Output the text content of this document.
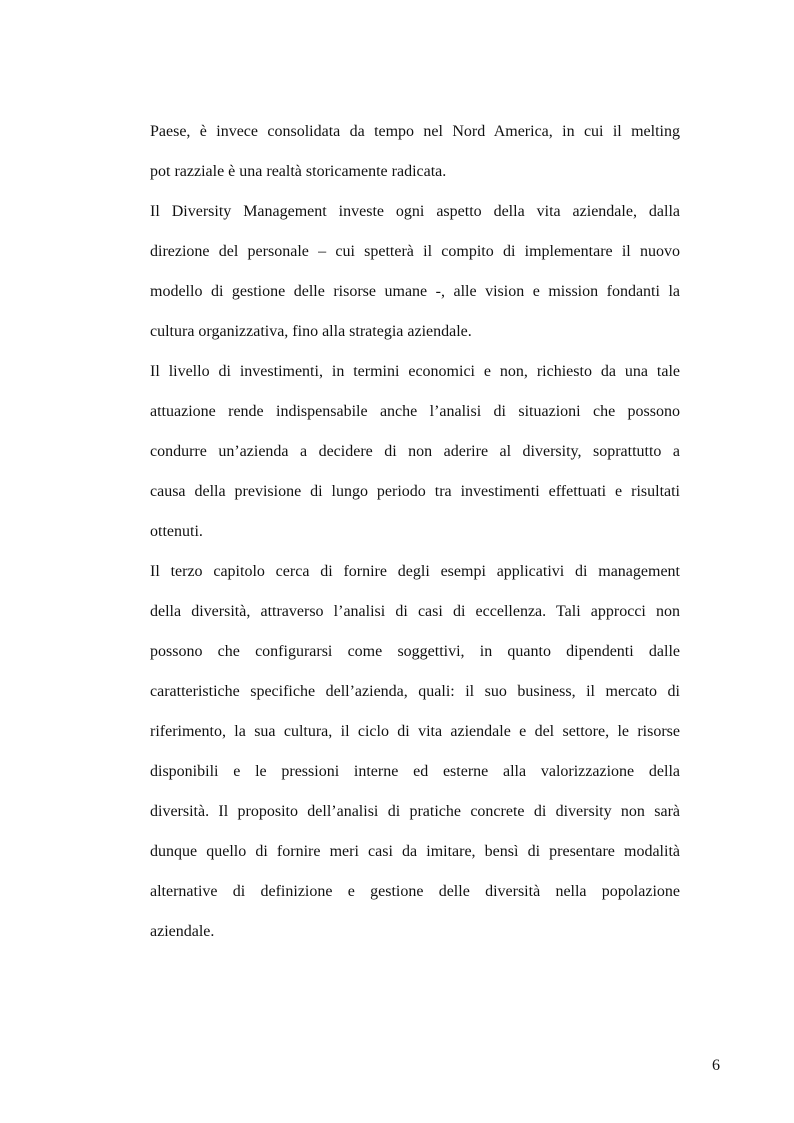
Paese, è invece consolidata da tempo nel Nord America, in cui il melting
pot razziale è una realtà storicamente radicata.
Il Diversity Management investe ogni aspetto della vita aziendale, dalla
direzione del personale – cui spetterà il compito di implementare il nuovo
modello di gestione delle risorse umane -, alle vision e mission fondanti la
cultura organizzativa, fino alla strategia aziendale.
Il livello di investimenti, in termini economici e non, richiesto da una tale
attuazione rende indispensabile anche l’analisi di situazioni che possono
condurre un’azienda a decidere di non aderire al diversity, soprattutto a
causa della previsione di lungo periodo tra investimenti effettuati e risultati
ottenuti.
Il terzo capitolo cerca di fornire degli esempi applicativi di management
della diversità, attraverso l’analisi di casi di eccellenza. Tali approcci non
possono che configurarsi come soggettivi, in quanto dipendenti dalle
caratteristiche specifiche dell’azienda, quali: il suo business, il mercato di
riferimento, la sua cultura, il ciclo di vita aziendale e del settore, le risorse
disponibili e le pressioni interne ed esterne alla valorizzazione della
diversità. Il proposito dell’analisi di pratiche concrete di diversity non sarà
dunque quello di fornire meri casi da imitare, bensì di presentare modalità
alternative di definizione e gestione delle diversità nella popolazione
aziendale.
6
